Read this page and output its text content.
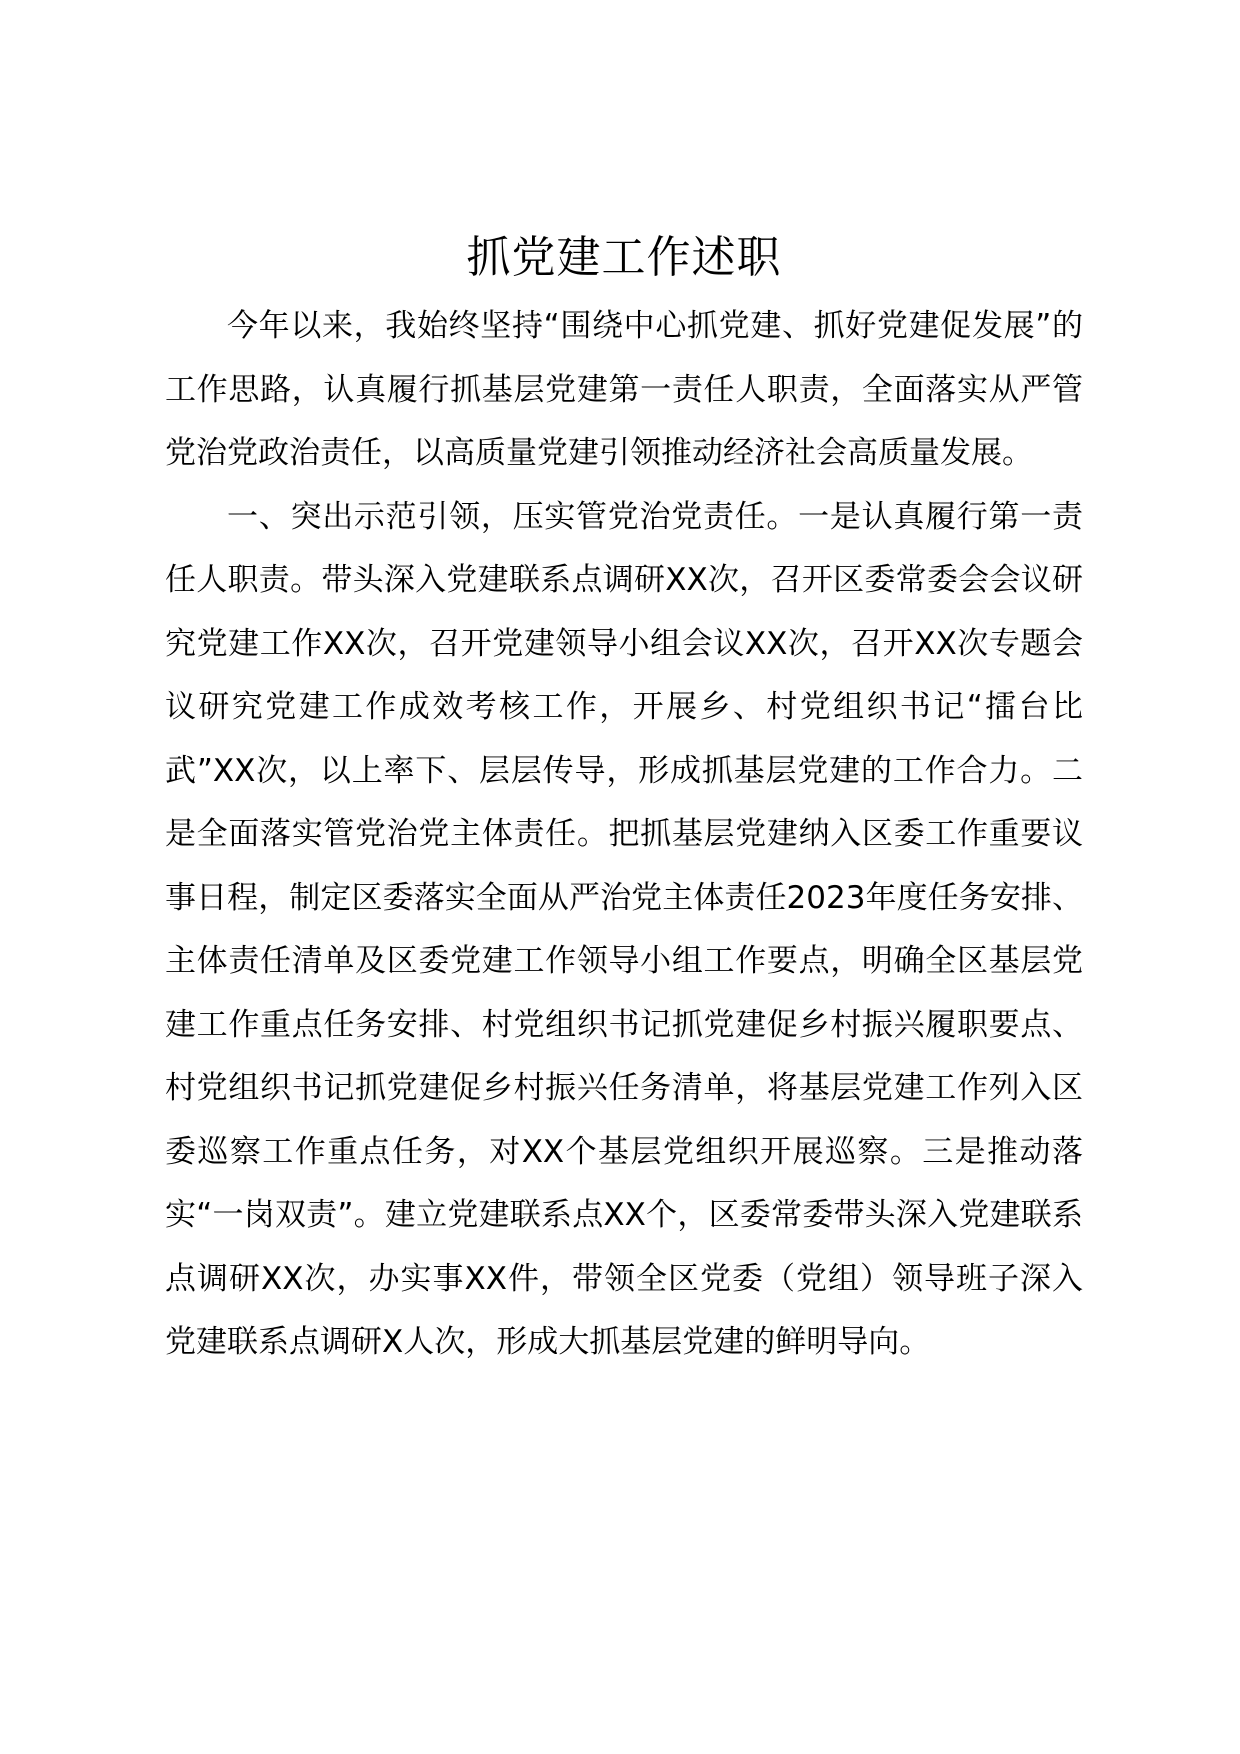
抓党建工作述职

今年以来，我始终坚持“围绕中心抓党建、抓好党建促发展”的工作思路，认真履行抓基层党建第一责任人职责，全面落实从严管党治党政治责任，以高质量党建引领推动经济社会高质量发展。

一、突出示范引领，压实管党治党责任。一是认真履行第一责任人职责。带头深入党建联系点调研XX次，召开区委常委会会议研究党建工作XX次，召开党建领导小组会议XX次，召开XX次专题会议研究党建工作成效考核工作，开展乡、村党组织书记“擂台比武”XX次，以上率下、层层传导，形成抓基层党建的工作合力。二是全面落实管党治党主体责任。把抓基层党建纳入区委工作重要议事日程，制定区委落实全面从严治党主体责任2023年度任务安排、主体责任清单及区委党建工作领导小组工作要点，明确全区基层党建工作重点任务安排、村党组织书记抓党建促乡村振兴履职要点、村党组织书记抓党建促乡村振兴任务清单，将基层党建工作列入区委巡察工作重点任务，对XX个基层党组织开展巡察。三是推动落实“一岗双责”。建立党建联系点XX个，区委常委带头深入党建联系点调研XX次，办实事XX件，带领全区党委（党组）领导班子深入党建联系点调研X人次，形成大抓基层党建的鲜明导向。
